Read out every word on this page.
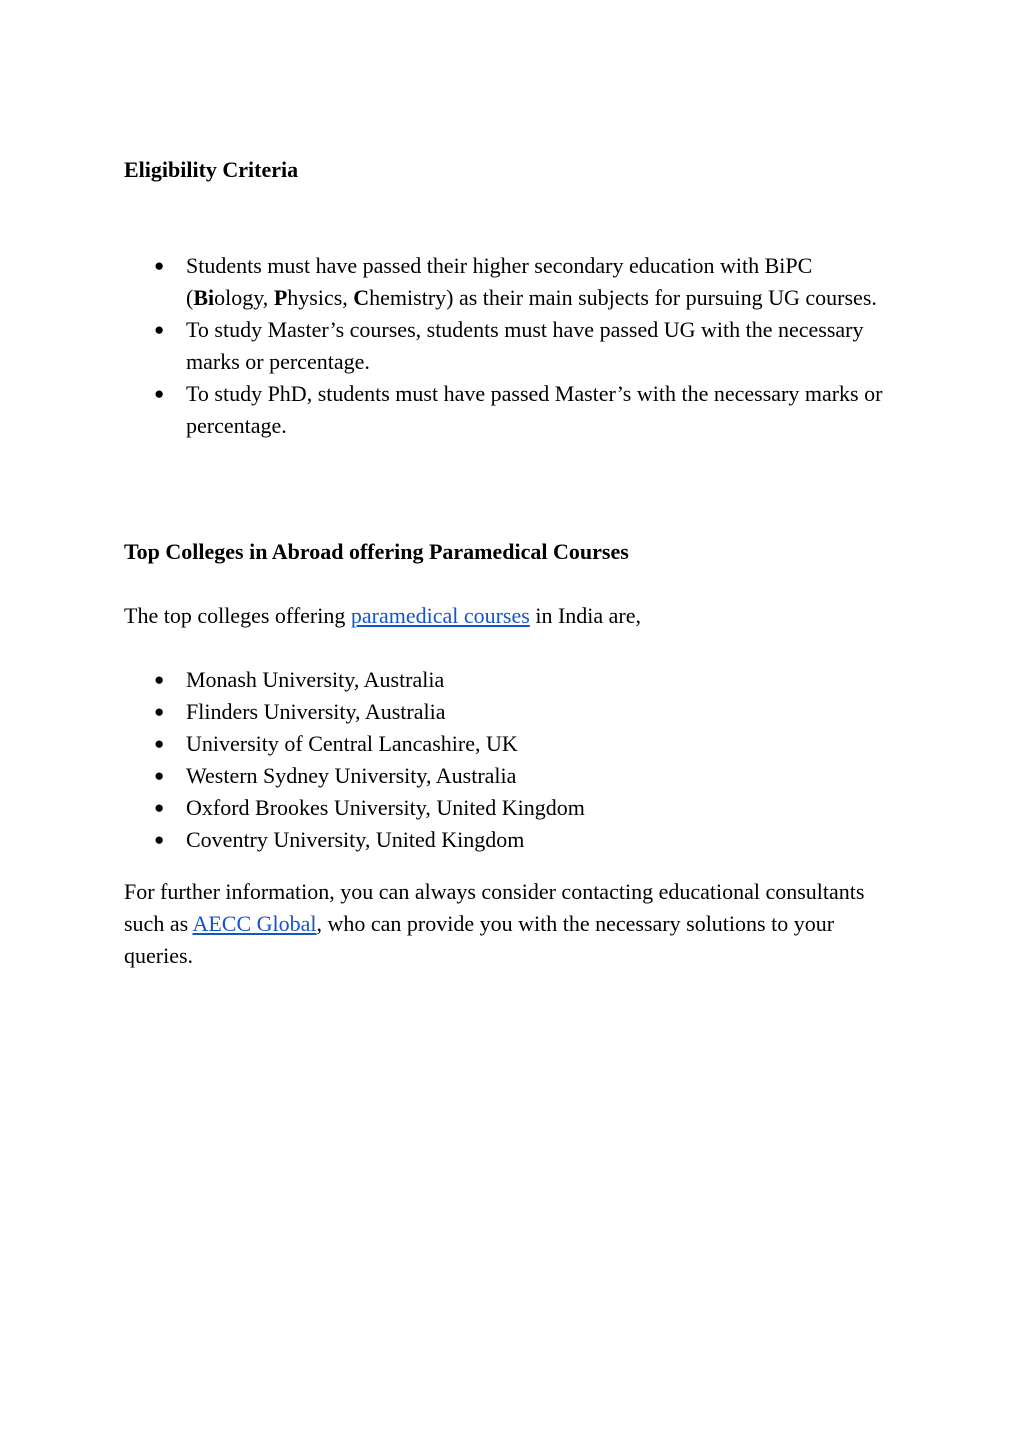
Eligibility Criteria
● Students must have passed their higher secondary education with BiPC (Biology, Physics, Chemistry) as their main subjects for pursuing UG courses.
● To study Master’s courses, students must have passed UG with the necessary marks or percentage.
● To study PhD, students must have passed Master’s with the necessary marks or percentage.
Top Colleges in Abroad offering Paramedical Courses

The top colleges offering paramedical courses in India are,

● Monash University, Australia
● Flinders University, Australia
● University of Central Lancashire, UK
● Western Sydney University, Australia
● Oxford Brookes University, United Kingdom
● Coventry University, United Kingdom

For further information, you can always consider contacting educational consultants such as AECC Global, who can provide you with the necessary solutions to your queries.
